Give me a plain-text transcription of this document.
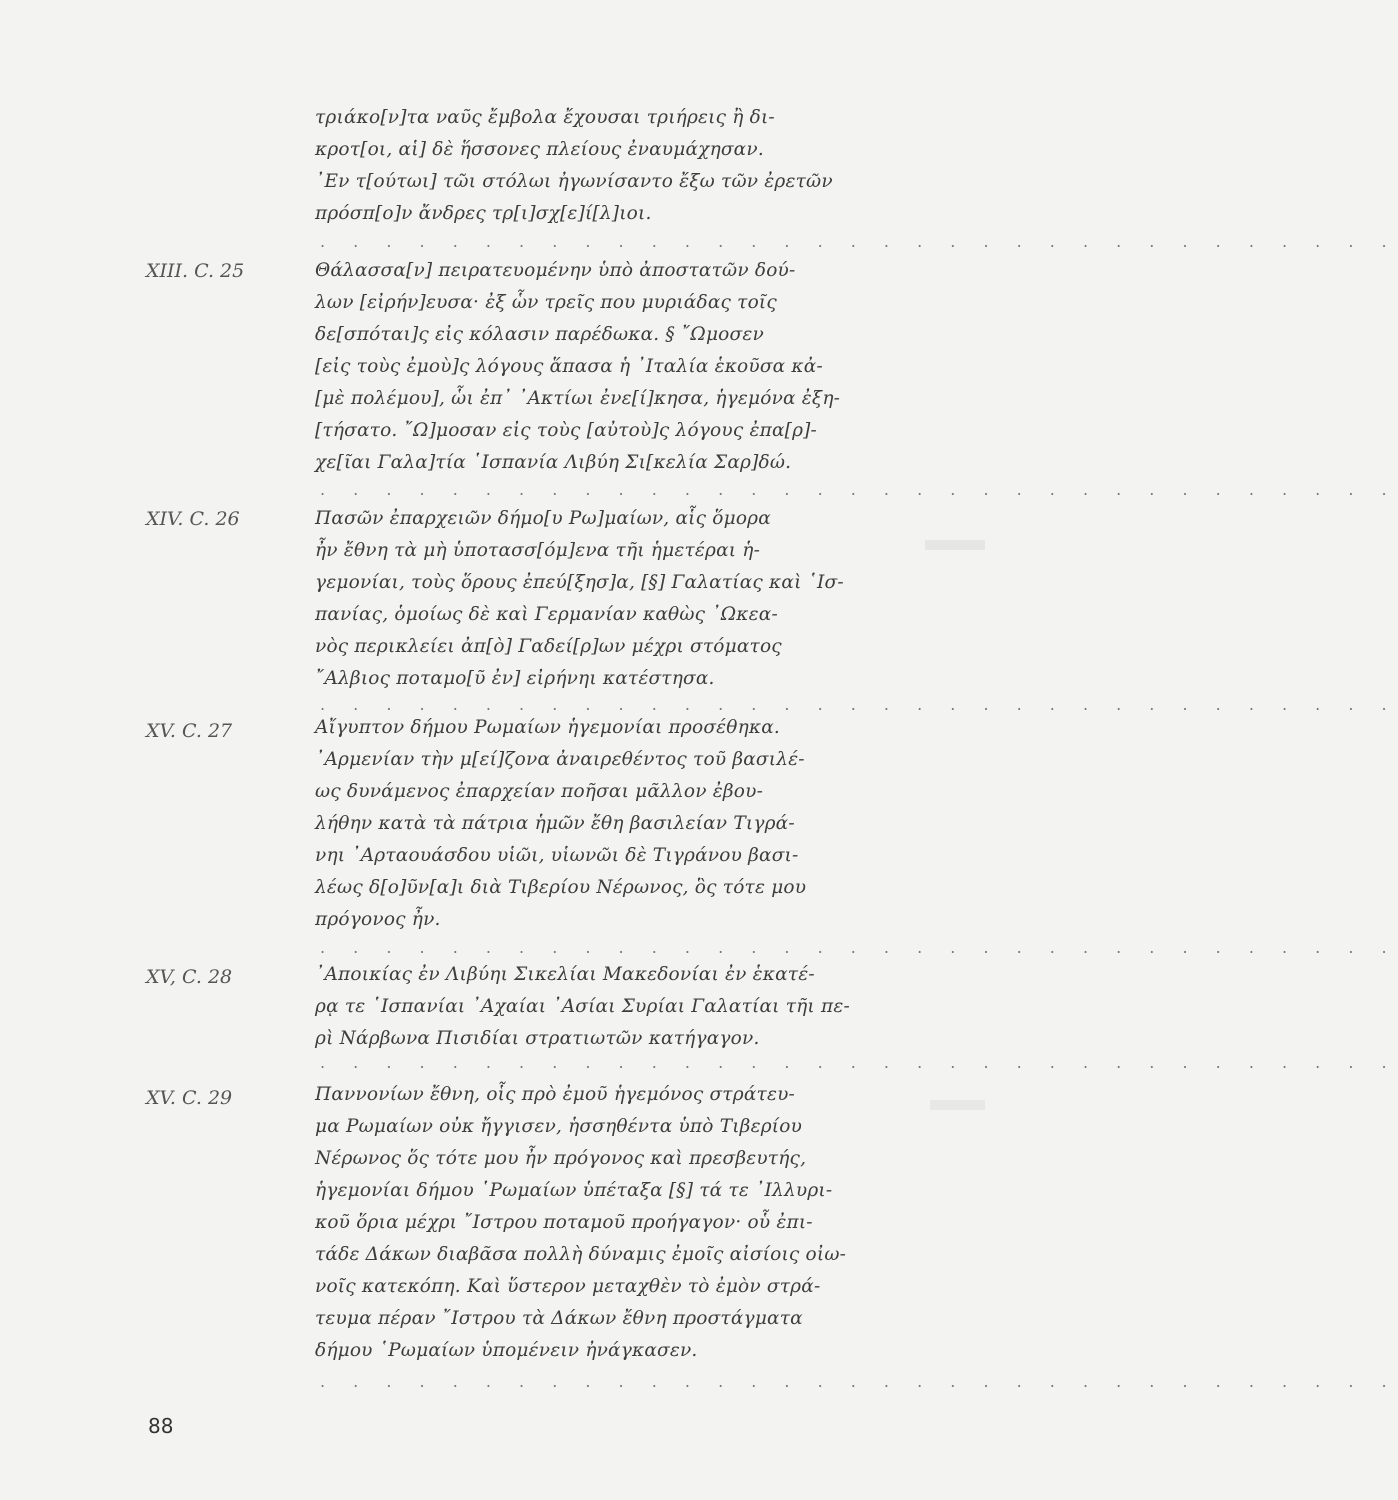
τριάκο[ν]τα ναῦς ἔμβολα ἔχουσαι τριήρεις ἢ δι-
κροτ[οι, αἱ] δὲ ἥσσονες πλείους ἐναυμάχησαν.
᾿Εν τ[ούτωι] τῶι στόλωι ἠγωνίσαντο ἔξω τῶν ἐρετῶν
πρόσπ[ο]ν ἄνδρες τρ[ι]σχ[ε]ί[λ]ιοι.
. . . . . . . . . . . . . . . . . . . . . . . . . . . . . . . . .
XIII. C. 25	Θάλασσα[ν] πειρατευομένην ὑπὸ ἀποστατῶν δού-
λων [εἰρήν]ευσα· ἐξ ὧν τρεῖς που μυριάδας τοῖς
δε[σπόται]ς εἰς κόλασιν παρέδωκα. § ῎Ωμοσεν
[εἰς τοὺς ἐμοὺ]ς λόγους ἅπασα ἡ ᾽Ιταλία ἑκοῦσα κἀ-
[μὲ πολέμου], ὧι ἐπ᾽ ᾽Ακτίωι ἐνε[ί]κησα, ἡγεμόνα ἐξη-
[τήσατο. ῎Ω]μοσαν εἰς τοὺς [αὐτοὺ]ς λόγους ἐπα[ρ]-
χε[ῖαι Γαλα]τία ῾Ισπανία Λιβύη Σι[κελία Σαρ]δώ.
. . . . . . . . . . . . . . . . . . . . . . . . . . . . . . . . .
XIV. C. 26	Πασῶν ἐπαρχειῶν δήμο[υ Ρω]μαίων, αἷς ὅμορα
ἦν ἔθνη τὰ μὴ ὑποτασσ[όμ]ενα τῆι ἡμετέραι ἡ-
γεμονίαι, τοὺς ὅρους ἐπεύ[ξησ]α, [§] Γαλατίας καὶ ῾Ισ-
πανίας, ὁμοίως δὲ καὶ Γερμανίαν καθὼς ᾽Ωκεα-
νὸς περικλείει ἀπ[ὸ] Γαδεί[ρ]ων μέχρι στόματος
῎Αλβιος ποταμο[ῦ ἐν] εἰρήνηι κατέστησα.
. . . . . . . . . . . . . . . . . . . . . . . . . . . . . . . . .
XV. C. 27	Αἴγυπτον δήμου Ρωμαίων ἡγεμονίαι προσέθηκα.
᾽Αρμενίαν τὴν μ[εί]ζονα ἀναιρεθέντος τοῦ βασιλέ-
ως δυνάμενος ἐπαρχείαν ποῆσαι μᾶλλον ἐβου-
λήθην κατὰ τὰ πάτρια ἡμῶν ἔθη βασιλείαν Τιγρά-
νηι ᾽Αρταουάσδου υἱῶι, υἱωνῶι δὲ Τιγράνου βασι-
λέως δ[ο]ῦν[α]ι διὰ Τιβερίου Νέρωνος, ὃς τότε μου
πρόγονος ἦν.
. . . . . . . . . . . . . . . . . . . . . . . . . . . . . . . . .
XV, C. 28	᾽Αποικίας ἐν Λιβύηι Σικελίαι Μακεδονίαι ἐν ἑκατέ-
ρᾳ τε ῾Ισπανίαι ᾽Αχαίαι ᾽Ασίαι Συρίαι Γαλατίαι τῆι πε-
ρὶ Νάρβωνα Πισιδίαι στρατιωτῶν κατήγαγον.
. . . . . . . . . . . . . . . . . . . . . . . . . . . . . . . . .
XV. C. 29	Παννονίων ἔθνη, οἷς πρὸ ἐμοῦ ἡγεμόνος στράτευ-
μα Ρωμαίων οὐκ ἤγγισεν, ἡσσηθέντα ὑπὸ Τιβερίου
Νέρωνος ὅς τότε μου ἦν πρόγονος καὶ πρεσβευτής,
ἡγεμονίαι δήμου ῾Ρωμαίων ὑπέταξα [§] τά τε ᾽Ιλλυρι-
κοῦ ὅρια μέχρι ῎Ιστρου ποταμοῦ προήγαγον· οὗ ἐπι-
τάδε Δάκων διαβᾶσα πολλὴ δύναμις ἐμοῖς αἰσίοις οἰω-
νοῖς κατεκόπη. Καὶ ὕστερον μεταχθὲν τὸ ἐμὸν στρά-
τευμα πέραν ῎Ιστρου τὰ Δάκων ἔθνη προστάγματα
δήμου ῾Ρωμαίων ὑπομένειν ἠνάγκασεν.
. . . . . . . . . . . . . . . . . . . . . . . . . . . . . . . . .
88
